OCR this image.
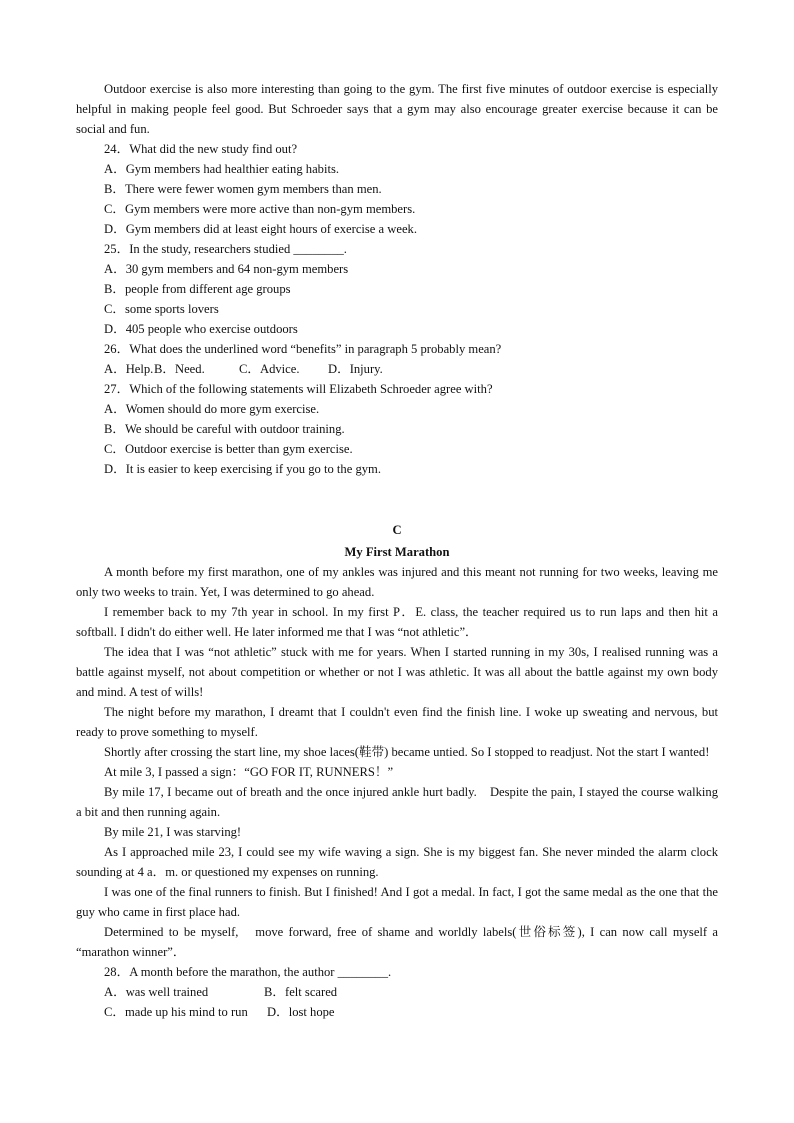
Outdoor exercise is also more interesting than going to the gym. The first five minutes of outdoor exercise is especially helpful in making people feel good. But Schroeder says that a gym may also encourage greater exercise because it can be social and fun.

24．What did the new study find out?

A．Gym members had healthier eating habits.

B．There were fewer women gym members than men.

C．Gym members were more active than non-gym members.

D．Gym members did at least eight hours of exercise a week.

25．In the study, researchers studied ________.

A．30 gym members and 64 non-gym members

B．people from different age groups

C．some sports lovers

D．405 people who exercise outdoors

26．What does the underlined word “benefits” in paragraph 5 probably mean?

A．Help.B．Need.	C．Advice. D．Injury.

27．Which of the following statements will Elizabeth Schroeder agree with?

A．Women should do more gym exercise.

B．We should be careful with outdoor training.

C．Outdoor exercise is better than gym exercise.

D．It is easier to keep exercising if you go to the gym.

C

My First Marathon

A month before my first marathon, one of my ankles was injured and this meant not running for two weeks, leaving me only two weeks to train. Yet, I was determined to go ahead.

I remember back to my 7th year in school. In my first P．E. class, the teacher required us to run laps and then hit a softball. I didn't do either well. He later informed me that I was “not athletic”．

The idea that I was “not athletic” stuck with me for years. When I started running in my 30s, I realised running was a battle against myself, not about competition or whether or not I was athletic. It was all about the battle against my own body and mind. A test of wills!

The night before my marathon, I dreamt that I couldn't even find the finish line. I woke up sweating and nervous, but ready to prove something to myself.

Shortly after crossing the start line, my shoe laces(鞋带) became untied. So I stopped to readjust. Not the start I wanted!

At mile 3, I passed a sign：“GO FOR IT, RUNNERS！”

By mile 17, I became out of breath and the once injured ankle hurt badly.　Despite the pain, I stayed the course walking a bit and then running again.

By mile 21, I was starving!

As I approached mile 23, I could see my wife waving a sign. She is my biggest fan. She never minded the alarm clock sounding at 4 a．m. or questioned my expenses on running.

I was one of the final runners to finish. But I finished! And I got a medal. In fact, I got the same medal as the one that the guy who came in first place had.

Determined to be myself,　move forward, free of shame and worldly labels(世俗标签), I can now call myself a “marathon winner”．

28．A month before the marathon, the author ________.

A．was well trained	B．felt scared

C．made up his mind to run D．lost hope
